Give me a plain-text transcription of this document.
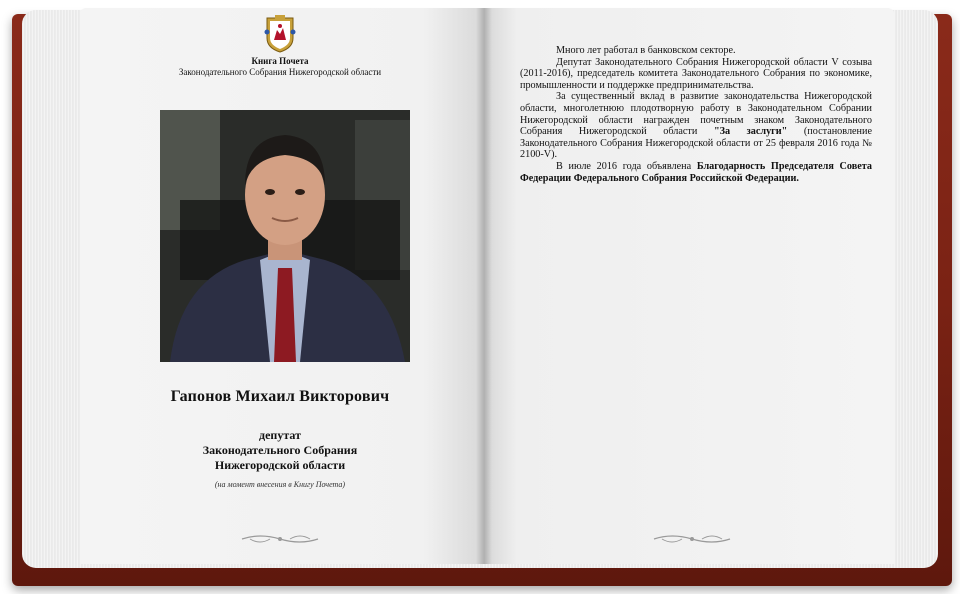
Книга Почета
Законодательного Собрания Нижегородской области
Гапонов Михаил Викторович
депутат
Законодательного Собрания
Нижегородской области
(на момент внесения в Книгу Почета)

Много лет работал в банковском секторе.

Депутат Законодательного Собрания Нижегородской области V созыва (2011-2016), председатель комитета Законодательного Собрания по экономике, промышленности и поддержке предпринимательства.

За существенный вклад в развитие законодательства Нижегородской области, многолетнюю плодотворную работу в Законодательном Собрании Нижегородской области награжден почетным знаком Законодательного Собрания Нижегородской области "За заслуги" (постановление Законодательного Собрания Нижегородской области от 25 февраля 2016 года № 2100-V).

В июле 2016 года объявлена Благодарность Председателя Совета Федерации Федерального Собрания Российской Федерации.
